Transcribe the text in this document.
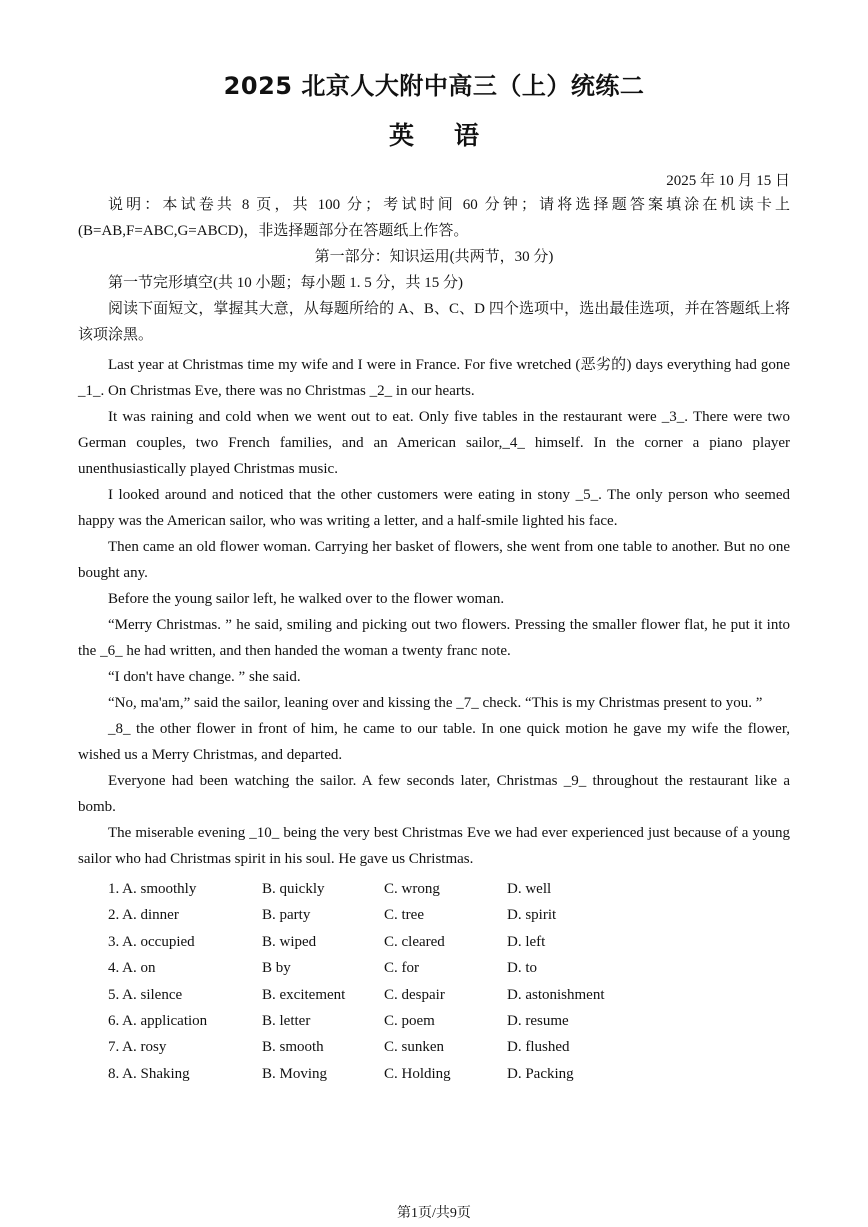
2025 北京人大附中高三（上）统练二
英语
2025 年 10 月 15 日

说明：本试卷共 8 页，共 100 分；考试时间 60 分钟；请将选择题答案填涂在机读卡上(B=AB,F=ABC,G=ABCD)，非选择题部分在答题纸上作答。

第一部分：知识运用(共两节，30 分)

第一节完形填空(共 10 小题；每小题 1. 5 分，共 15 分)

阅读下面短文，掌握其大意，从每题所给的 A、B、C、D 四个选项中，选出最佳选项，并在答题纸上将该项涂黑。

Last year at Christmas time my wife and I were in France. For five wretched (恶劣的) days everything had gone _1_. On Christmas Eve, there was no Christmas _2_ in our hearts.

It was raining and cold when we went out to eat. Only five tables in the restaurant were _3_. There were two German couples, two French families, and an American sailor,_4_ himself. In the corner a piano player unenthusiastically played Christmas music.

I looked around and noticed that the other customers were eating in stony _5_. The only person who seemed happy was the American sailor, who was writing a letter, and a half-smile lighted his face.

Then came an old flower woman. Carrying her basket of flowers, she went from one table to another. But no one bought any.

Before the young sailor left, he walked over to the flower woman.

“Merry Christmas. ” he said, smiling and picking out two flowers. Pressing the smaller flower flat, he put it into the _6_ he had written, and then handed the woman a twenty franc note.

“I don't have change. ” she said.

“No, ma'am,” said the sailor, leaning over and kissing the _7_ check. “This is my Christmas present to you. ”

_8_ the other flower in front of him, he came to our table. In one quick motion he gave my wife the flower, wished us a Merry Christmas, and departed.

Everyone had been watching the sailor. A few seconds later, Christmas _9_ throughout the restaurant like a bomb.

The miserable evening _10_ being the very best Christmas Eve we had ever experienced just because of a young sailor who had Christmas spirit in his soul. He gave us Christmas.

1. A. smoothly	B. quickly	C. wrong	D. well
2. A. dinner	B. party	C. tree	D. spirit
3. A. occupied	B. wiped	C. cleared	D. left
4. A. on	B by	C. for	D. to
5. A. silence	B. excitement	C. despair	D. astonishment
6. A. application	B. letter	C. poem	D. resume
7. A. rosy	B. smooth	C. sunken	D. flushed
8. A. Shaking	B. Moving	C. Holding	D. Packing
第1页/共9页
